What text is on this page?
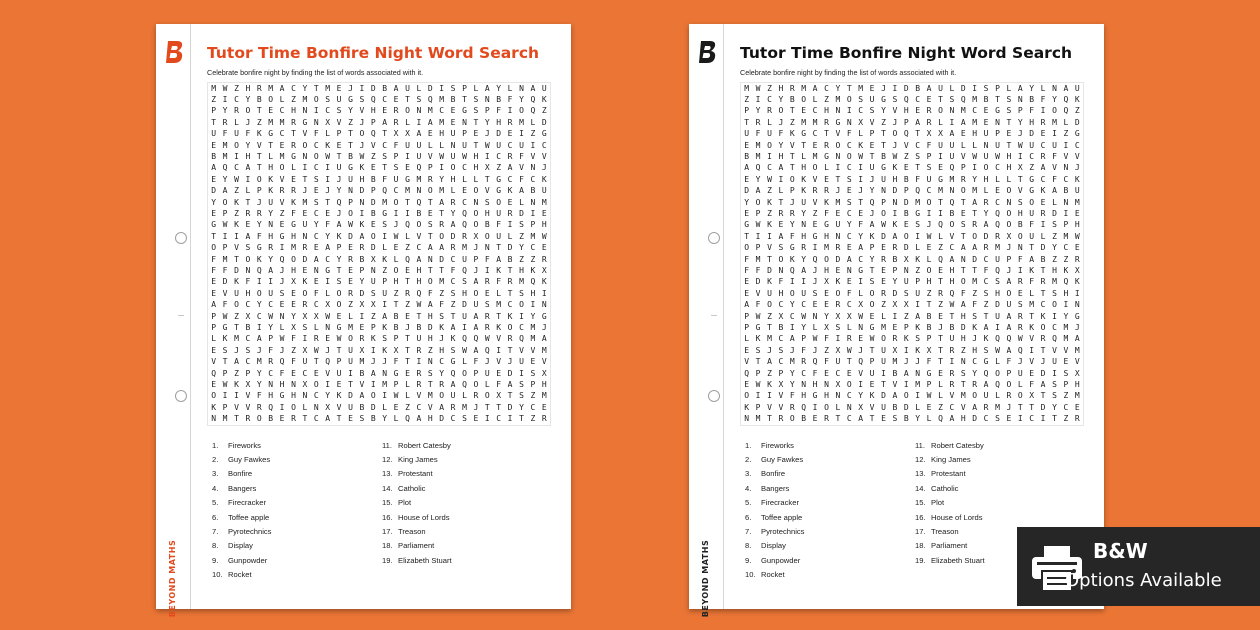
BEYOND MATHS
Tutor Time Bonfire Night Word Search
Celebrate bonfire night by finding the list of words associated with it.
M W Z H R M A C Y T M E J I D B A U L D I S P L A Y L N A U
Z I C Y B O L Z M O S U G S Q C E T S Q M B T S N B F Y Q K
P Y R O T E C H N I C S Y V H E R O N M C E G S P F I O Q Z
T R L J Z M M R G N X V Z J P A R L I A M E N T Y H R M L D
U F U F K G C T V F L P T O Q T X X A E H U P E J D E I Z G
E M O Y V T E R O C K E T J V C F U U L L N U T W U C U I C
B M I H T L M G N O W T B W Z S P I U V W U W H I C R F V V
A Q C A T H O L I C I U G K E T S E Q P I O C H X Z A V N J
E Y W I O K V E T S I J U H B F U G M R Y H L L T G C F C K
D A Z L P K R R J E J Y N D P Q C M N O M L E O V G K A B U
Y O K T J U V K M S T Q P N D M O T Q T A R C N S O E L N M
E P Z R R Y Z F E C E J O I B G I I B E T Y Q O H U R D I E
G W K E Y N E G U Y F A W K E S J Q O S R A Q O B F I S P H
T I I A F H G H N C Y K D A O I W L V T O D R X O U L Z M W
O P V S G R I M R E A P E R D L E Z C A A R M J N T D Y C E
F M T O K Y Q O D A C Y R B X K L Q A N D C U P F A B Z Z R
F F D N Q A J H E N G T E P N Z O E H T T F Q J I K T H K X
E D K F I I J X K E I S E Y U P H T H O M C S A R F R M Q K
E V U H O U S E O F L O R D S U Z R Q F Z S H O E L T S H I
A F O C Y C E E R C X O Z X X I T Z W A F Z D U S M C O I N
P W Z X C W N Y X X W E L I Z A B E T H S T U A R T K I Y G
P G T B I Y L X S L N G M E P K B J B D K A I A R K O C M J
L K M C A P W F I R E W O R K S P T U H J K Q Q W V R Q M A
E S J S J F J Z X W J T U X I K X T R Z H S W A Q I T V V M
V T A C M R Q F U T Q P U M J J F T I N C G L F J V J U E V
Q P Z P Y C F E C E V U I B A N G E R S Y Q O P U E D I S X
E W K X Y N H N X O I E T V I M P L R T R A Q O L F A S P H
O I I V F H G H N C Y K D A O I W L V M O U L R O X T S Z M
K P V V R Q I O L N X V U B D L E Z C V A R M J T T D Y C E
N M T R O B E R T C A T E S B Y L Q A H D C S E I C I T Z R
1.	Fireworks
2.	Guy Fawkes
3.	Bonfire
4.	Bangers
5.	Firecracker
6.	Toffee apple
7.	Pyrotechnics
8.	Display
9.	Gunpowder
10. Rocket
11. Robert Catesby
12. King James
13. Protestant
14. Catholic
15. Plot
16. House of Lords
17. Treason
18. Parliament
19. Elizabeth Stuart	BEYOND MATHS
Tutor Time Bonfire Night Word Search
Celebrate bonfire night by finding the list of words associated with it.
M W Z H R M A C Y T M E J I D B A U L D I S P L A Y L N A U
Z I C Y B O L Z M O S U G S Q C E T S Q M B T S N B F Y Q K
P Y R O T E C H N I C S Y V H E R O N M C E G S P F I O Q Z
T R L J Z M M R G N X V Z J P A R L I A M E N T Y H R M L D
U F U F K G C T V F L P T O Q T X X A E H U P E J D E I Z G
E M O Y V T E R O C K E T J V C F U U L L N U T W U C U I C
B M I H T L M G N O W T B W Z S P I U V W U W H I C R F V V
A Q C A T H O L I C I U G K E T S E Q P I O C H X Z A V N J
E Y W I O K V E T S I J U H B F U G M R Y H L L T G C F C K
D A Z L P K R R J E J Y N D P Q C M N O M L E O V G K A B U
Y O K T J U V K M S T Q P N D M O T Q T A R C N S O E L N M
E P Z R R Y Z F E C E J O I B G I I B E T Y Q O H U R D I E
G W K E Y N E G U Y F A W K E S J Q O S R A Q O B F I S P H
T I I A F H G H N C Y K D A O I W L V T O D R X O U L Z M W
O P V S G R I M R E A P E R D L E Z C A A R M J N T D Y C E
F M T O K Y Q O D A C Y R B X K L Q A N D C U P F A B Z Z R
F F D N Q A J H E N G T E P N Z O E H T T F Q J I K T H K X
E D K F I I J X K E I S E Y U P H T H O M C S A R F R M Q K
E V U H O U S E O F L O R D S U Z R Q F Z S H O E L T S H I
A F O C Y C E E R C X O Z X X I T Z W A F Z D U S M C O I N
P W Z X C W N Y X X W E L I Z A B E T H S T U A R T K I Y G
P G T B I Y L X S L N G M E P K B J B D K A I A R K O C M J
L K M C A P W F I R E W O R K S P T U H J K Q Q W V R Q M A
E S J S J F J Z X W J T U X I K X T R Z H S W A Q I T V V M
V T A C M R Q F U T Q P U M J J F T I N C G L F J V J U E V
Q P Z P Y C F E C E V U I B A N G E R S Y Q O P U E D I S X
E W K X Y N H N X O I E T V I M P L R T R A Q O L F A S P H
O I I V F H G H N C Y K D A O I W L V M O U L R O X T S Z M
K P V V R Q I O L N X V U B D L E Z C V A R M J T T D Y C E
N M T R O B E R T C A T E S B Y L Q A H D C S E I C I T Z R
1.	Fireworks
2.	Guy Fawkes
3.	Bonfire
4.	Bangers
5.	Firecracker
6.	Toffee apple
7.	Pyrotechnics
8.	Display
9.	Gunpowder
10. Rocket
11. Robert Catesby
12. King James
13. Protestant
14. Catholic
15. Plot
16. House of Lords
17. Treason
18. Parliament
19. Elizabeth Stuart	B&W
Options Available
